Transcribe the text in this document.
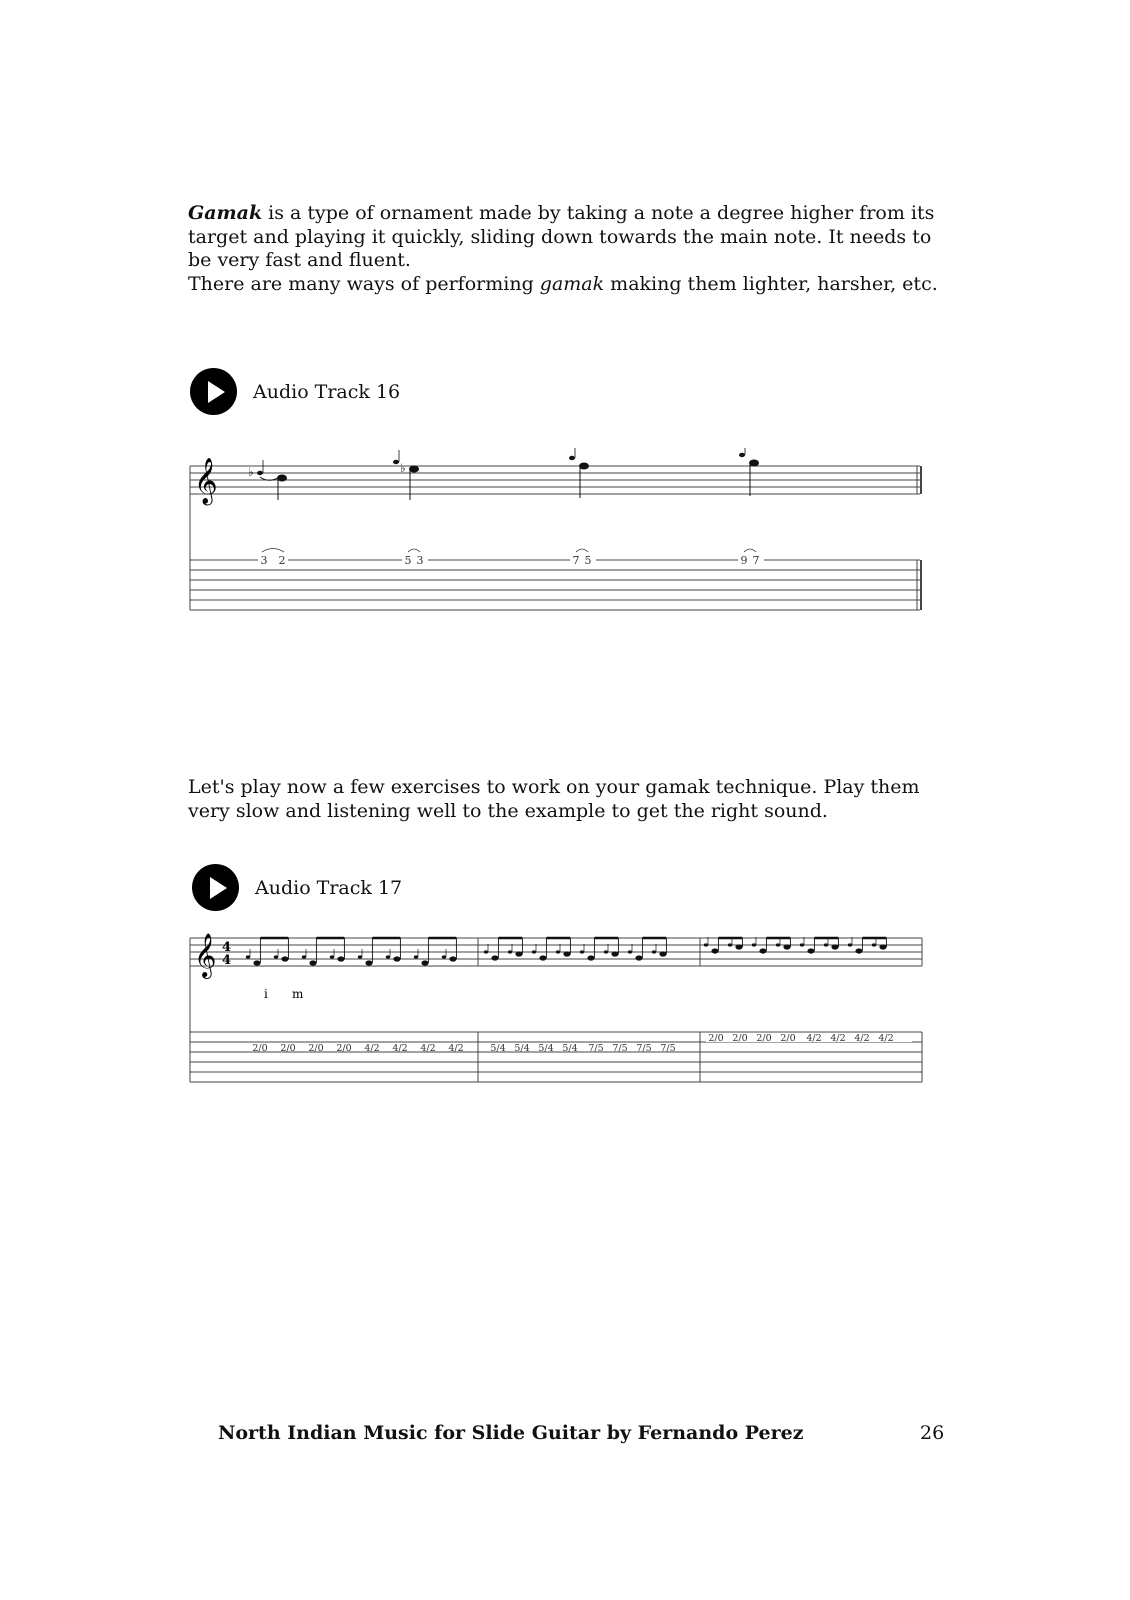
Gamak is a type of ornament made by taking a note a degree higher from its target and playing it quickly, sliding down towards the main note. It needs to be very fast and fluent.

There are many ways of performing gamak making them lighter, harsher, etc.

Audio Track 16
𝄞	♭	♭
3 2	5 3	7 5	9 7
Let's play now a few exercises to work on your gamak technique. Play them very slow and listening well to the example to get the right sound.
Audio Track 17
𝄞 4
4
i m
2/0 2/0 2/0 2/0 4/2 4/2 4/2 4/2	5/4 5/4 5/4 5/4 7/5 7/5 7/5 7/5
2/0 2/0 2/0 2/0 4/2 4/2 4/2 4/2
North Indian Music for Slide Guitar by Fernando Perez	26
